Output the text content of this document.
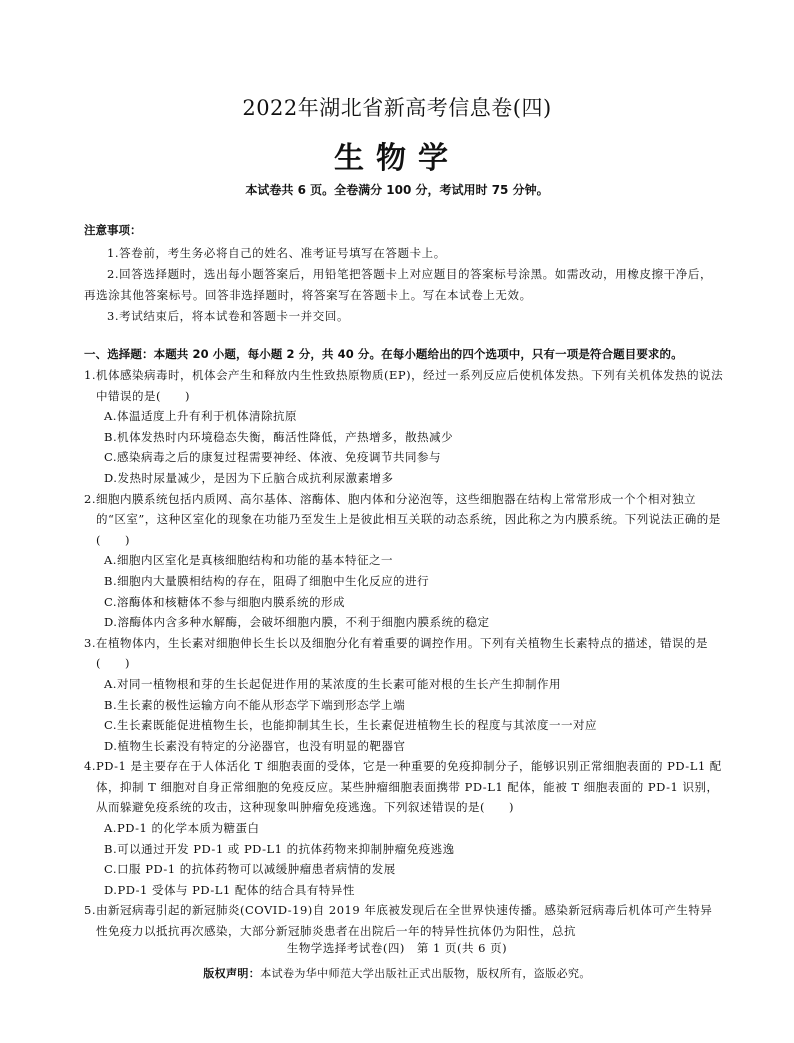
2022年湖北省新高考信息卷(四)
生物学
本试卷共 6 页。全卷满分 100 分，考试用时 75 分钟。
注意事项：
1.答卷前，考生务必将自己的姓名、准考证号填写在答题卡上。
2.回答选择题时，选出每小题答案后，用铅笔把答题卡上对应题目的答案标号涂黑。如需改动，用橡皮擦干净后，再选涂其他答案标号。回答非选择题时，将答案写在答题卡上。写在本试卷上无效。
3.考试结束后，将本试卷和答题卡一并交回。
一、选择题：本题共 20 小题，每小题 2 分，共 40 分。在每小题给出的四个选项中，只有一项是符合题目要求的。
1.机体感染病毒时，机体会产生和释放内生性致热原物质(EP)，经过一系列反应后使机体发热。下列有关机体发热的说法中错误的是(　　)
A.体温适度上升有利于机体清除抗原
B.机体发热时内环境稳态失衡，酶活性降低，产热增多，散热减少
C.感染病毒之后的康复过程需要神经、体液、免疫调节共同参与
D.发热时尿量减少，是因为下丘脑合成抗利尿激素增多
2.细胞内膜系统包括内质网、高尔基体、溶酶体、胞内体和分泌泡等，这些细胞器在结构上常常形成一个个相对独立的“区室”，这种区室化的现象在功能乃至发生上是彼此相互关联的动态系统，因此称之为内膜系统。下列说法正确的是(　　)
A.细胞内区室化是真核细胞结构和功能的基本特征之一
B.细胞内大量膜相结构的存在，阻碍了细胞中生化反应的进行
C.溶酶体和核糖体不参与细胞内膜系统的形成
D.溶酶体内含多种水解酶，会破坏细胞内膜，不利于细胞内膜系统的稳定
3.在植物体内，生长素对细胞伸长生长以及细胞分化有着重要的调控作用。下列有关植物生长素特点的描述，错误的是(　　)
A.对同一植物根和芽的生长起促进作用的某浓度的生长素可能对根的生长产生抑制作用
B.生长素的极性运输方向不能从形态学下端到形态学上端
C.生长素既能促进植物生长，也能抑制其生长，生长素促进植物生长的程度与其浓度一一对应
D.植物生长素没有特定的分泌器官，也没有明显的靶器官
4.PD-1 是主要存在于人体活化 T 细胞表面的受体，它是一种重要的免疫抑制分子，能够识别正常细胞表面的 PD-L1 配体，抑制 T 细胞对自身正常细胞的免疫反应。某些肿瘤细胞表面携带 PD-L1 配体，能被 T 细胞表面的 PD-1 识别，从而躲避免疫系统的攻击，这种现象叫肿瘤免疫逃逸。下列叙述错误的是(　　)
A.PD-1 的化学本质为糖蛋白
B.可以通过开发 PD-1 或 PD-L1 的抗体药物来抑制肿瘤免疫逃逸
C.口服 PD-1 的抗体药物可以减缓肿瘤患者病情的发展
D.PD-1 受体与 PD-L1 配体的结合具有特异性
5.由新冠病毒引起的新冠肺炎(COVID-19)自 2019 年底被发现后在全世界快速传播。感染新冠病毒后机体可产生特异性免疫力以抵抗再次感染，大部分新冠肺炎患者在出院后一年的特异性抗体仍为阳性，总抗
生物学选择考试卷(四)　第 1 页(共 6 页)
版权声明：本试卷为华中师范大学出版社正式出版物，版权所有，盗版必究。
